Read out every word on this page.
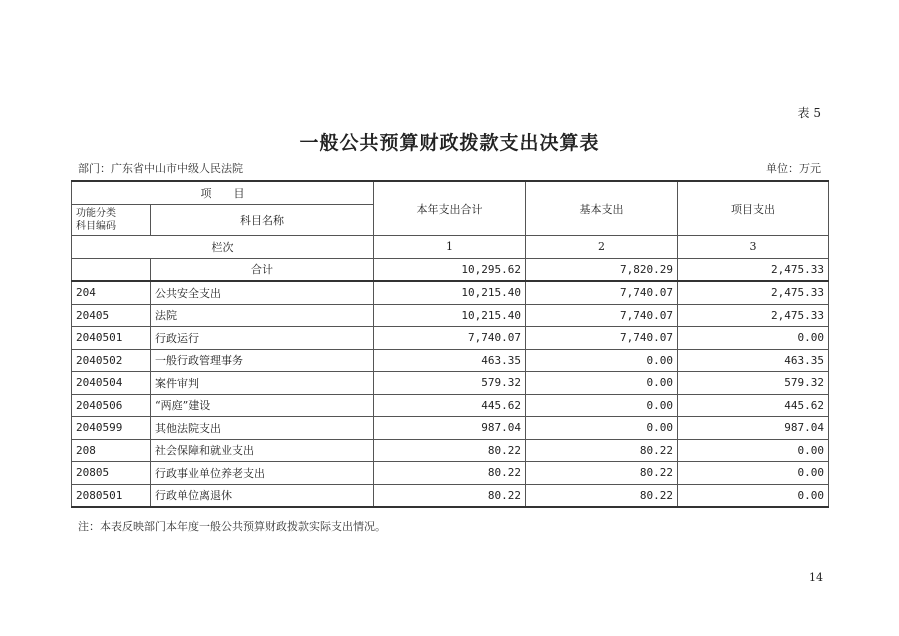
表 5
一般公共预算财政拨款支出决算表
部门：广东省中山市中级人民法院	单位：万元
项　　目		本年支出合计	基本支出	项目支出
功能分类
科目编码	科目名称			
栏次		1	2	3
	合计	10,295.62	7,820.29	2,475.33
204	公共安全支出	10,215.40	7,740.07	2,475.33
20405	法院	10,215.40	7,740.07	2,475.33
2040501	行政运行	7,740.07	7,740.07	0.00
2040502	一般行政管理事务	463.35	0.00	463.35
2040504	案件审判	579.32	0.00	579.32
2040506	“两庭”建设	445.62	0.00	445.62
2040599	其他法院支出	987.04	0.00	987.04
208	社会保障和就业支出	80.22	80.22	0.00
20805	行政事业单位养老支出	80.22	80.22	0.00
2080501	行政单位离退休	80.22	80.22	0.00
注：本表反映部门本年度一般公共预算财政拨款实际支出情况。
14
